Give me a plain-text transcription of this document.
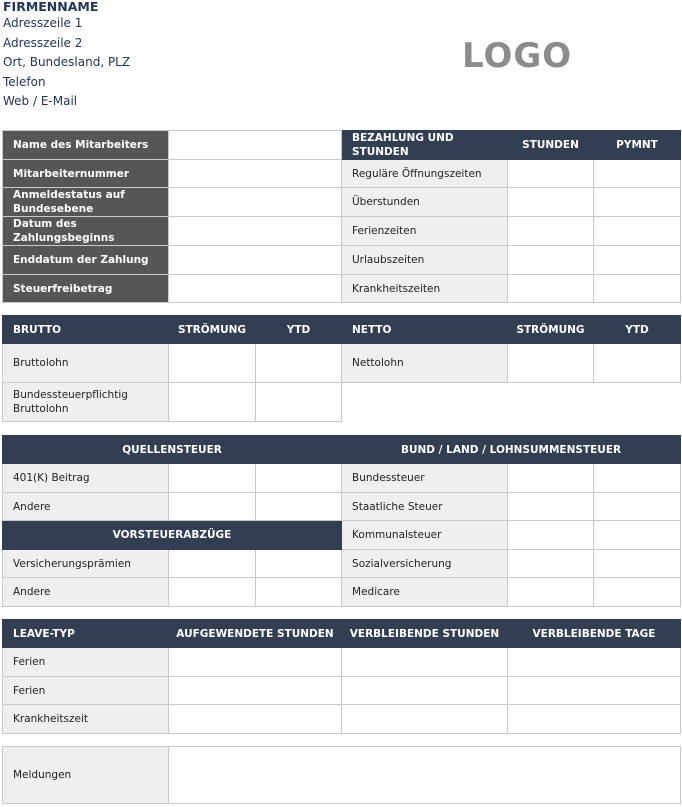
FIRMENNAME
Adresszeile 1
Adresszeile 2
Ort, Bundesland, PLZ
Telefon
Web / E-Mail
LOGO
Name des Mitarbeiters		BEZAHLUNG UND STUNDEN	STUNDEN	PYMNT
Mitarbeiternummer		Reguläre Öffnungszeiten		
Anmeldestatus auf Bundesebene		Überstunden		
Datum des Zahlungsbeginns		Ferienzeiten		
Enddatum der Zahlung		Urlaubszeiten		
Steuerfreibetrag		Krankheitszeiten		
BRUTTO	STRÖMUNG	YTD	NETTO	STRÖMUNG	YTD
Bruttolohn			Nettolohn		
Bundessteuerpflichtig Bruttolohn					
QUELLENSTEUER			BUND / LAND / LOHNSUMMENSTEUER		
401(K) Beitrag			Bundessteuer		
Andere			Staatliche Steuer		
VORSTEUERABZÜGE			Kommunalsteuer		
Versicherungsprämien			Sozialversicherung		
Andere			Medicare		
LEAVE-TYP	AUFGEWENDETE STUNDEN	VERBLEIBENDE STUNDEN	VERBLEIBENDE TAGE
Ferien			
Ferien			
Krankheitszeit			
Meldungen	
